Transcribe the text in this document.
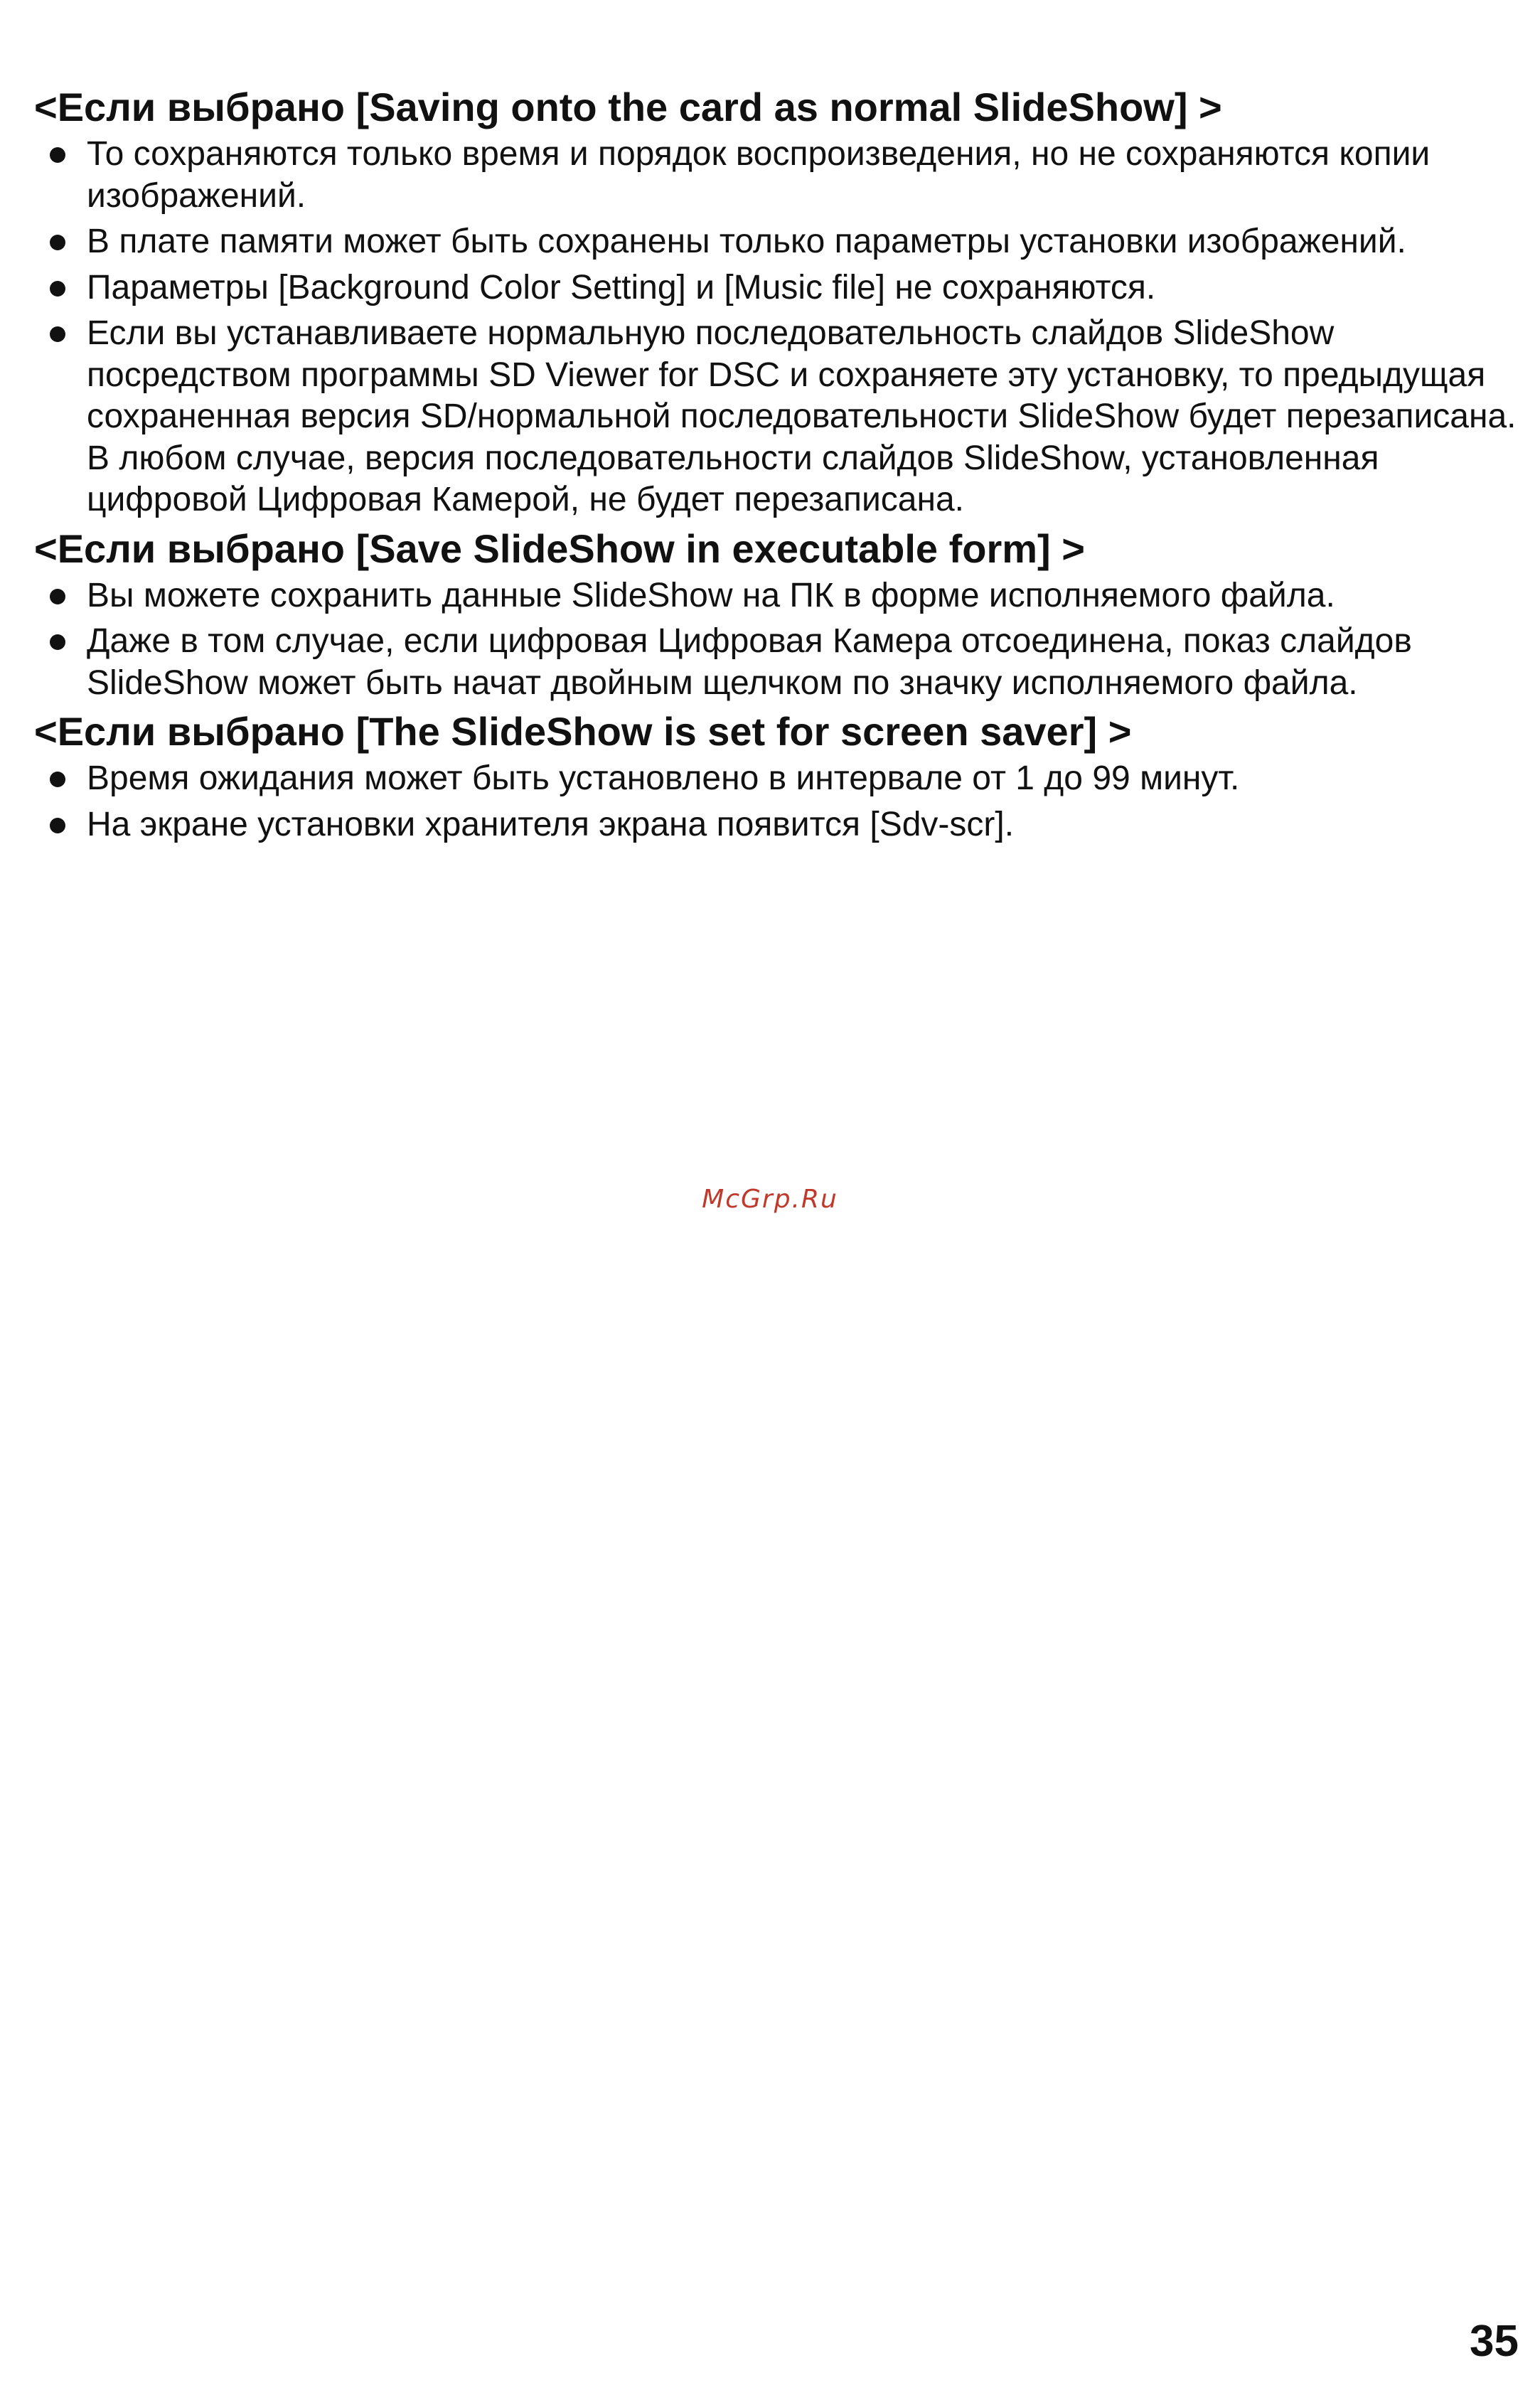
<Если выбрано [Saving onto the card as normal SlideShow] >
То сохраняются только время и порядок воспроизведения, но не сохраняются копии изображений.
В плате памяти может быть сохранены только параметры установки изображений.
Параметры [Background Color Setting] и [Music file] не сохраняются.
Если вы устанавливаете нормальную последовательность слайдов SlideShow посредством программы SD Viewer for DSC и сохраняете эту установку, то предыдущая сохраненная версия SD/нормальной последовательности SlideShow будет перезаписана. В любом случае, версия последовательности слайдов SlideShow, установленная цифровой Цифровая Камерой, не будет перезаписана.
<Если выбрано [Save SlideShow in executable form] >
Вы можете сохранить данные SlideShow на ПК в форме исполняемого файла.
Даже в том случае, если цифровая Цифровая Камера отсоединена, показ слайдов SlideShow может быть начат двойным щелчком по значку исполняемого файла.
<Если выбрано [The SlideShow is set for screen saver] >
Время ожидания может быть установлено в интервале от 1 до 99 минут.
На экране установки хранителя экрана появится [Sdv-scr].
McGrp.Ru
35
